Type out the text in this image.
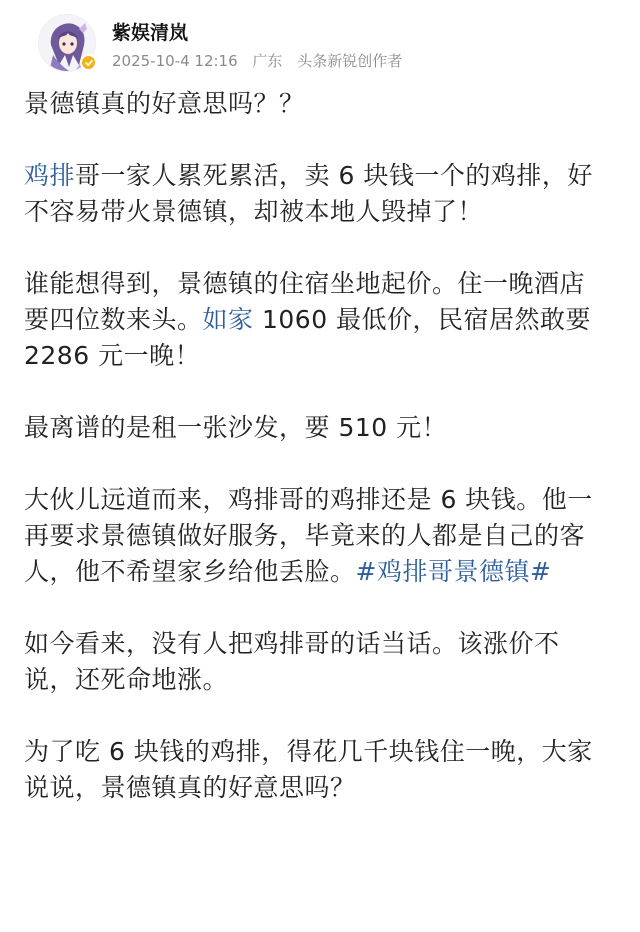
紫娱清岚
2025-10-4 12:16 广东 头条新锐创作者

景德镇真的好意思吗？？

鸡排哥一家人累死累活，卖 6 块钱一个的鸡排，好
不容易带火景德镇，却被本地人毁掉了！

谁能想得到，景德镇的住宿坐地起价。住一晚酒店
要四位数来头。如家 1060 最低价，民宿居然敢要
2286 元一晚！

最离谱的是租一张沙发，要 510 元！

大伙儿远道而来，鸡排哥的鸡排还是 6 块钱。他一
再要求景德镇做好服务，毕竟来的人都是自己的客
人，他不希望家乡给他丢脸。#鸡排哥景德镇#

如今看来，没有人把鸡排哥的话当话。该涨价不
说，还死命地涨。

为了吃 6 块钱的鸡排，得花几千块钱住一晚，大家
说说，景德镇真的好意思吗？
